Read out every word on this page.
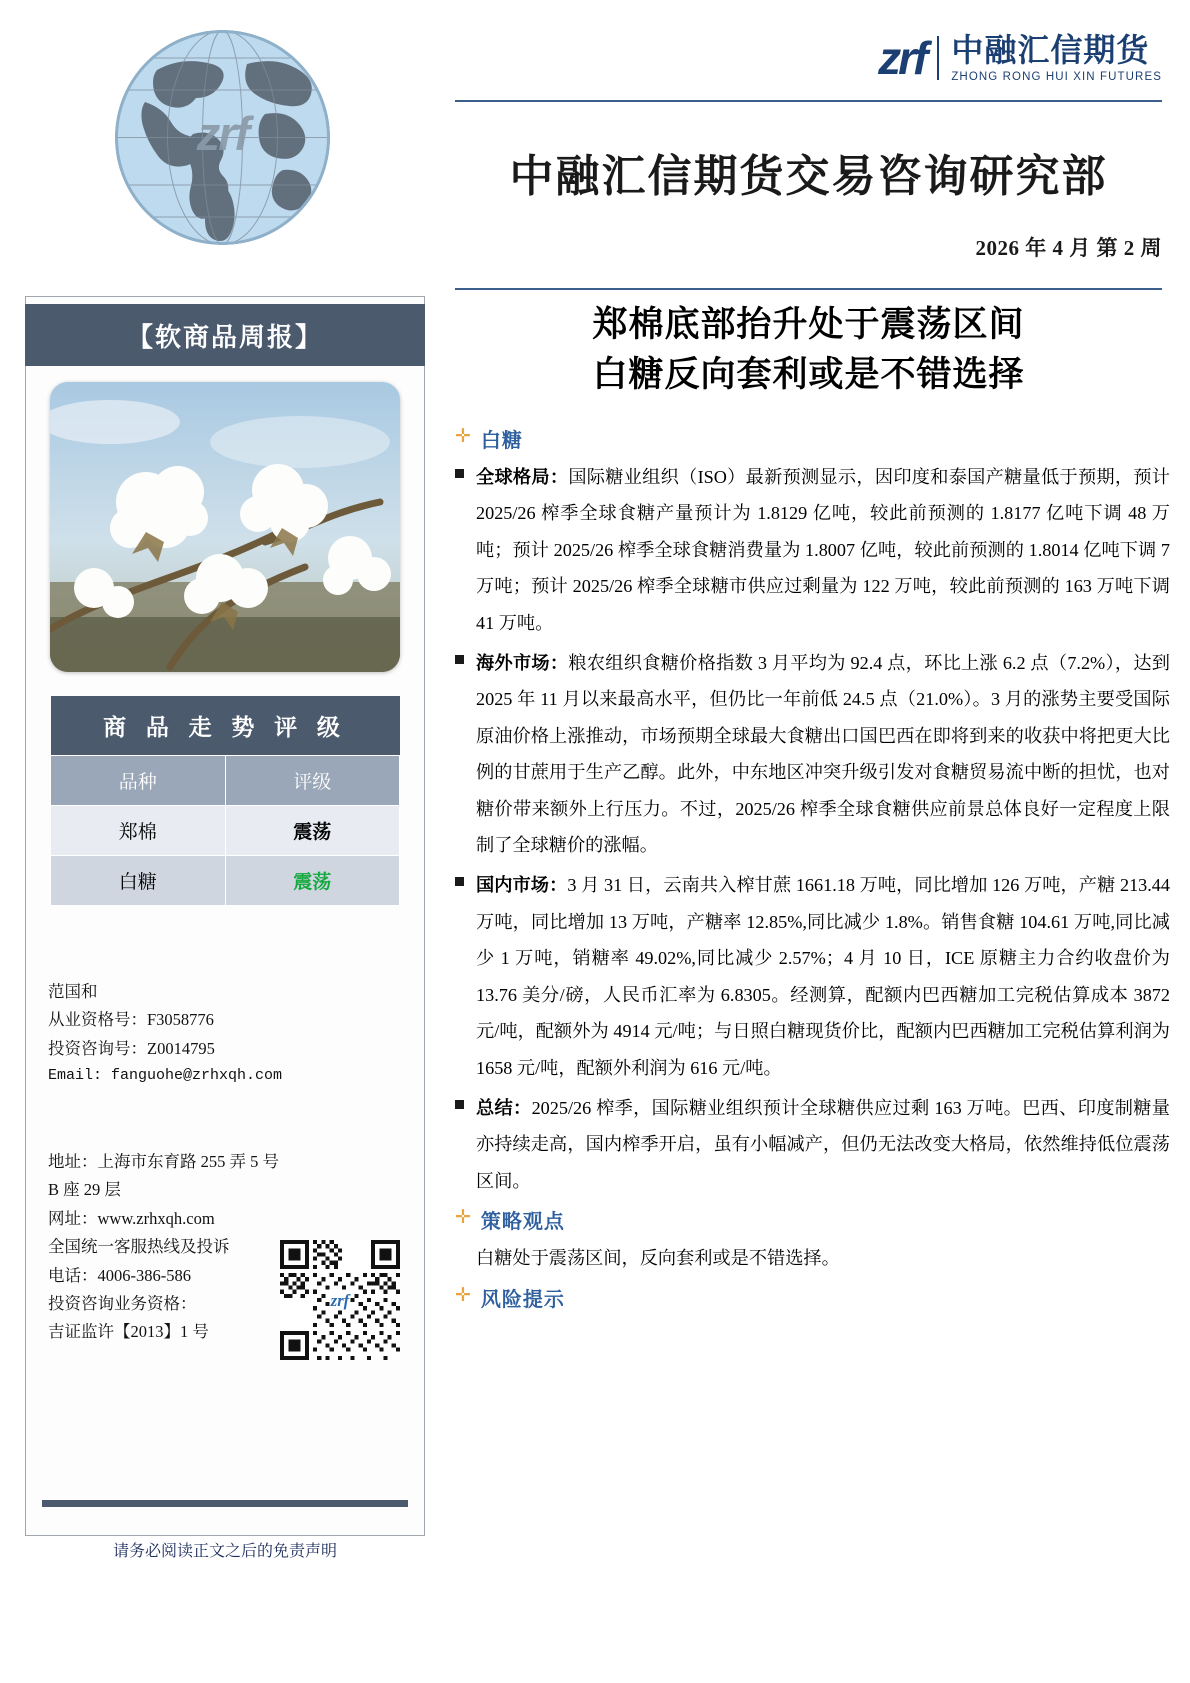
zrf
zrf 中融汇信期货
ZHONG RONG HUI XIN FUTURES
中融汇信期货交易咨询研究部
2026 年 4 月 第 2 周
【软商品周报】
商 品 走 势 评 级	
品种	评级
郑棉	震荡
白糖	震荡
范国和
从业资格号：F3058776
投资咨询号：Z0014795
Email: fanguohe@zrhxqh.com
地址：上海市东育路 255 弄 5 号 B 座 29 层
网址：www.zrhxqh.com
全国统一客服热线及投诉
电话：4006-386-586
投资咨询业务资格：
吉证监许【2013】1 号
zrf
请务必阅读正文之后的免责声明
郑棉底部抬升处于震荡区间
白糖反向套利或是不错选择
✛ 白糖
全球格局：国际糖业组织（ISO）最新预测显示，因印度和泰国产糖量低于预期，预计 2025/26 榨季全球食糖产量预计为 1.8129 亿吨，较此前预测的 1.8177 亿吨下调 48 万吨；预计 2025/26 榨季全球食糖消费量为 1.8007 亿吨，较此前预测的 1.8014 亿吨下调 7 万吨；预计 2025/26 榨季全球糖市供应过剩量为 122 万吨，较此前预测的 163 万吨下调 41 万吨。
海外市场：粮农组织食糖价格指数 3 月平均为 92.4 点，环比上涨 6.2 点（7.2%），达到 2025 年 11 月以来最高水平，但仍比一年前低 24.5 点（21.0%）。3 月的涨势主要受国际原油价格上涨推动，市场预期全球最大食糖出口国巴西在即将到来的收获中将把更大比例的甘蔗用于生产乙醇。此外，中东地区冲突升级引发对食糖贸易流中断的担忧，也对糖价带来额外上行压力。不过，2025/26 榨季全球食糖供应前景总体良好一定程度上限制了全球糖价的涨幅。
国内市场：3 月 31 日，云南共入榨甘蔗 1661.18 万吨，同比增加 126 万吨，产糖 213.44 万吨，同比增加 13 万吨，产糖率 12.85%,同比减少 1.8%。销售食糖 104.61 万吨,同比减少 1 万吨，销糖率 49.02%,同比减少 2.57%；4 月 10 日，ICE 原糖主力合约收盘价为 13.76 美分/磅，人民币汇率为 6.8305。经测算，配额内巴西糖加工完税估算成本 3872 元/吨，配额外为 4914 元/吨；与日照白糖现货价比，配额内巴西糖加工完税估算利润为 1658 元/吨，配额外利润为 616 元/吨。
总结：2025/26 榨季，国际糖业组织预计全球糖供应过剩 163 万吨。巴西、印度制糖量亦持续走高，国内榨季开启，虽有小幅减产，但仍无法改变大格局，依然维持低位震荡区间。
✛ 策略观点
白糖处于震荡区间，反向套利或是不错选择。
✛ 风险提示
